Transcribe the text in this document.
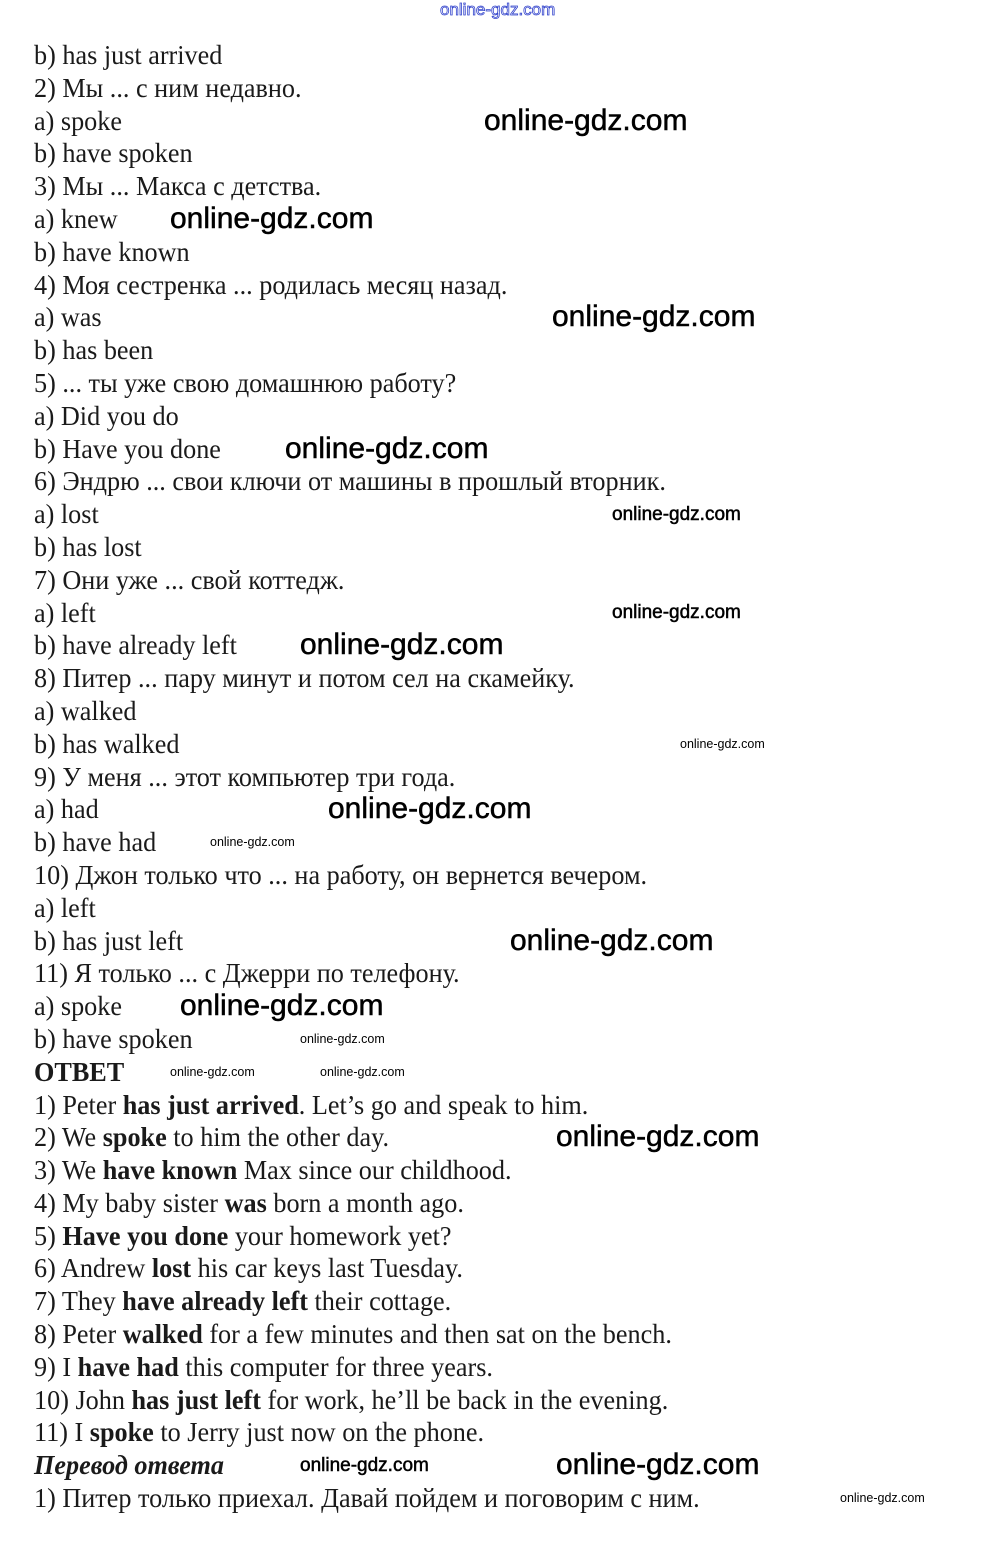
b) has just arrived
2) Мы ... с ним недавно.
a) spoke
b) have spoken
3) Мы ... Макса с детства.
a) knew
b) have known
4) Моя сестренка ... родилась месяц назад.
a) was
b) has been
5) ... ты уже свою домашнюю работу?
a) Did you do
b) Have you done
6) Эндрю ... свои ключи от машины в прошлый вторник.
a) lost
b) has lost
7) Они уже ... свой коттедж.
a) left
b) have already left
8) Питер ... пару минут и потом сел на скамейку.
a) walked
b) has walked
9) У меня ... этот компьютер три года.
a) had
b) have had
10) Джон только что ... на работу, он вернется вечером.
a) left
b) has just left
11) Я только ... с Джерри по телефону.
a) spoke
b) have spoken
ОТВЕТ
1) Peter has just arrived. Let’s go and speak to him.
2) We spoke to him the other day.
3) We have known Max since our childhood.
4) My baby sister was born a month ago.
5) Have you done your homework yet?
6) Andrew lost his car keys last Tuesday.
7) They have already left their cottage.
8) Peter walked for a few minutes and then sat on the bench.
9) I have had this computer for three years.
10) John has just left for work, he’ll be back in the evening.
11) I spoke to Jerry just now on the phone.
Перевод ответа
1) Питер только приехал. Давай пойдем и поговорим с ним.
online-gdz.com
online-gdz.com
online-gdz.com
online-gdz.com
online-gdz.com
online-gdz.com
online-gdz.com
online-gdz.com
online-gdz.com
online-gdz.com
online-gdz.com
online-gdz.com
online-gdz.com
online-gdz.com
online-gdz.com
online-gdz.com
online-gdz.com	online-gdz.com
online-gdz.com
online-gdz.com
